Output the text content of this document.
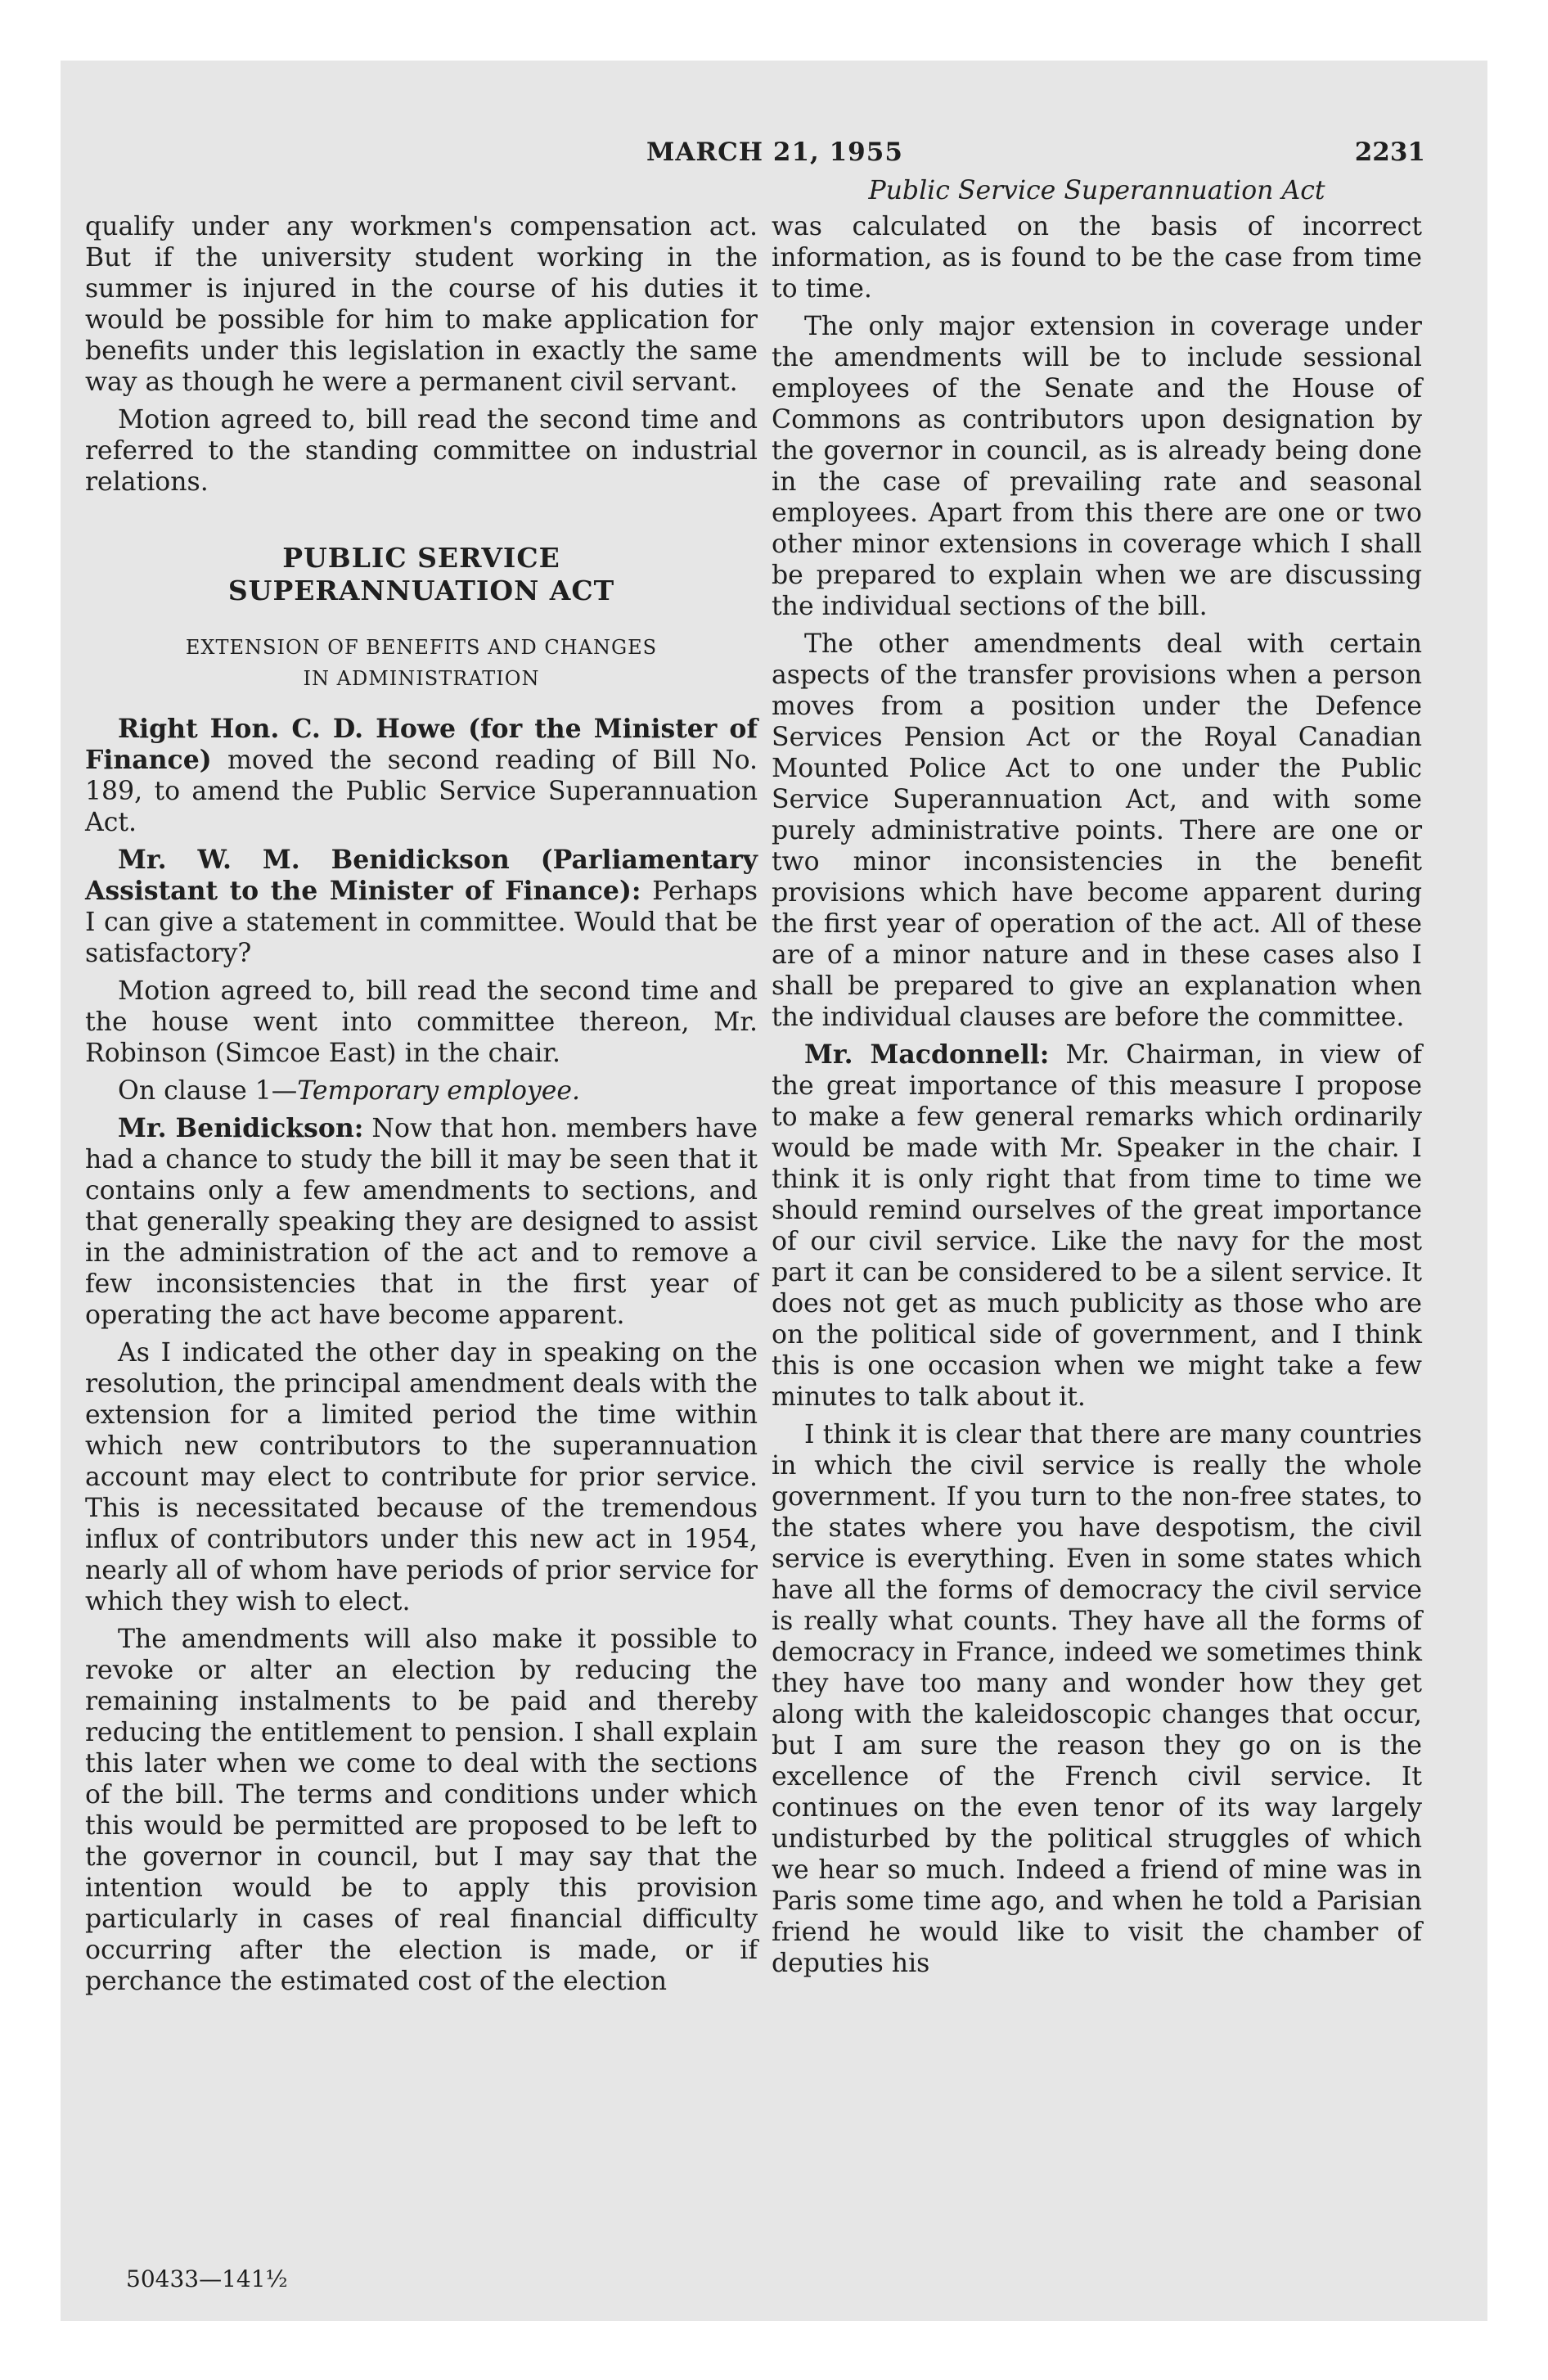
MARCH 21, 1955	2231

qualify under any workmen's compensation act. But if the university student working in the summer is injured in the course of his duties it would be possible for him to make application for benefits under this legislation in exactly the same way as though he were a permanent civil servant.

Motion agreed to, bill read the second time and referred to the standing committee on industrial relations.

PUBLIC SERVICE
SUPERANNUATION ACT
EXTENSION OF BENEFITS AND CHANGES
IN ADMINISTRATION

Right Hon. C. D. Howe (for the Minister of Finance) moved the second reading of Bill No. 189, to amend the Public Service Superannuation Act.

Mr. W. M. Benidickson (Parliamentary Assistant to the Minister of Finance): Perhaps I can give a statement in committee. Would that be satisfactory?

Motion agreed to, bill read the second time and the house went into committee thereon, Mr. Robinson (Simcoe East) in the chair.

On clause 1—Temporary employee.

Mr. Benidickson: Now that hon. members have had a chance to study the bill it may be seen that it contains only a few amendments to sections, and that generally speaking they are designed to assist in the administration of the act and to remove a few inconsistencies that in the first year of operating the act have become apparent.

As I indicated the other day in speaking on the resolution, the principal amendment deals with the extension for a limited period the time within which new contributors to the superannuation account may elect to contribute for prior service. This is necessitated because of the tremendous influx of contributors under this new act in 1954, nearly all of whom have periods of prior service for which they wish to elect.

The amendments will also make it possible to revoke or alter an election by reducing the remaining instalments to be paid and thereby reducing the entitlement to pension. I shall explain this later when we come to deal with the sections of the bill. The terms and conditions under which this would be permitted are proposed to be left to the governor in council, but I may say that the intention would be to apply this provision particularly in cases of real financial difficulty occurring after the election is made, or if perchance the estimated cost of the election

50433—141½
Public Service Superannuation Act

was calculated on the basis of incorrect information, as is found to be the case from time to time.

The only major extension in coverage under the amendments will be to include sessional employees of the Senate and the House of Commons as contributors upon designation by the governor in council, as is already being done in the case of prevailing rate and seasonal employees. Apart from this there are one or two other minor extensions in coverage which I shall be prepared to explain when we are discussing the individual sections of the bill.

The other amendments deal with certain aspects of the transfer provisions when a person moves from a position under the Defence Services Pension Act or the Royal Canadian Mounted Police Act to one under the Public Service Superannuation Act, and with some purely administrative points. There are one or two minor inconsistencies in the benefit provisions which have become apparent during the first year of operation of the act. All of these are of a minor nature and in these cases also I shall be prepared to give an explanation when the individual clauses are before the committee.

Mr. Macdonnell: Mr. Chairman, in view of the great importance of this measure I propose to make a few general remarks which ordinarily would be made with Mr. Speaker in the chair. I think it is only right that from time to time we should remind ourselves of the great importance of our civil service. Like the navy for the most part it can be considered to be a silent service. It does not get as much publicity as those who are on the political side of government, and I think this is one occasion when we might take a few minutes to talk about it.

I think it is clear that there are many countries in which the civil service is really the whole government. If you turn to the non-free states, to the states where you have despotism, the civil service is everything. Even in some states which have all the forms of democracy the civil service is really what counts. They have all the forms of democracy in France, indeed we sometimes think they have too many and wonder how they get along with the kaleidoscopic changes that occur, but I am sure the reason they go on is the excellence of the French civil service. It continues on the even tenor of its way largely undisturbed by the political struggles of which we hear so much. Indeed a friend of mine was in Paris some time ago, and when he told a Parisian friend he would like to visit the chamber of deputies his
